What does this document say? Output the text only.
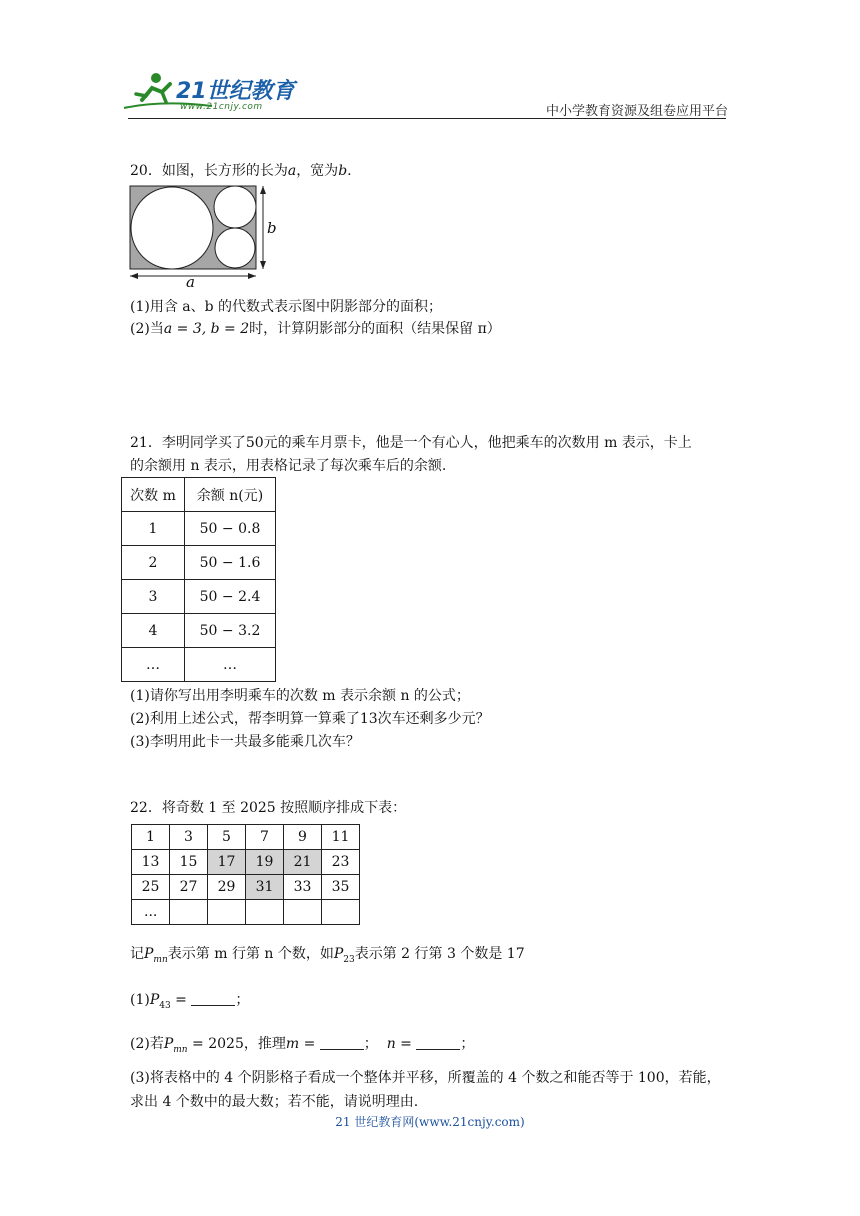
21世纪教育
www.21cnjy.com	中小学教育资源及组卷应用平台
20．如图，长方形的长为a，宽为b.
b
a
(1)用含 a、b 的代数式表示图中阴影部分的面积；
(2)当a = 3, b = 2时，计算阴影部分的面积（结果保留 π）
21．李明同学买了50元的乘车月票卡，他是一个有心人，他把乘车的次数用 m 表示，卡上
的余额用 n 表示，用表格记录了每次乘车后的余额.
次数 m	余额 n(元)
1	50 − 0.8
2	50 − 1.6
3	50 − 2.4
4	50 − 3.2
…	…
(1)请你写出用李明乘车的次数 m 表示余额 n 的公式；
(2)利用上述公式，帮李明算一算乘了13次车还剩多少元？
(3)李明用此卡一共最多能乘几次车？
22．将奇数 1 至 2025 按照顺序排成下表：
1	3	5	7	9	11
13	15	17	19	21	23
25	27	29	31	33	35
...					
记$P_{mn}$表示第 m 行第 n 个数，如$P_{23}$表示第 2 行第 3 个数是 17
$(1)P_{43}$ =	；
(2)若$P_{mn} = 2025$，推理m =	； n =	；
(3)将表格中的 4 个阴影格子看成一个整体并平移，所覆盖的 4 个数之和能否等于 100，若能，
求出 4 个数中的最大数；若不能，请说明理由.
21 世纪教育网(www.21cnjy.com)
